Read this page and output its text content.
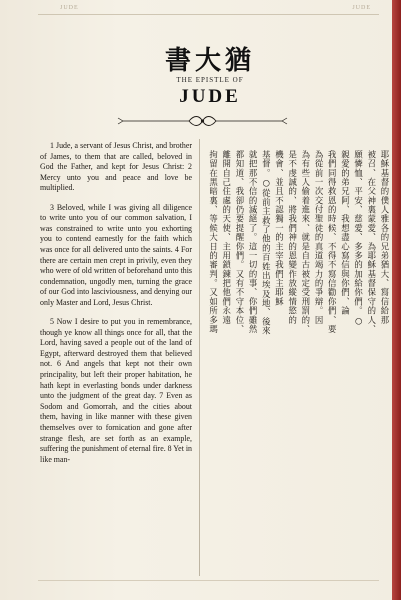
JUDE	JUDE
書大猶
THE EPISTLE OF
JUDE

1 Jude, a servant of Jesus Christ, and brother of James, to them that are called, beloved in God the Father, and kept for Jesus Christ: 2 Mercy unto you and peace and love be multiplied.

3 Beloved, while I was giving all diligence to write unto you of our common salvation, I was constrained to write unto you exhorting you to contend earnestly for the faith which was once for all delivered unto the saints. 4 For there are certain men crept in privily, even they who were of old written of beforehand unto this condemnation, ungodly men, turning the grace of our God into lasciviousness, and denying our only Master and Lord, Jesus Christ.

5 Now I desire to put you in remembrance, though ye know all things once for all, that the Lord, having saved a people out of the land of Egypt, afterward destroyed them that believed not. 6 And angels that kept not their own principality, but left their proper habitation, he hath kept in everlasting bonds under darkness unto the judgment of the great day. 7 Even as Sodom and Gomorrah, and the cities about them, having in like manner with these given themselves over to fornication and gone after strange flesh, are set forth as an example, suffering the punishment of eternal fire. 8 Yet in like man-

耶穌基督的僕人雅各的兄弟猶大、寫信給那
被召、在父神裏蒙愛、為耶穌基督保守的人、
願憐恤、平安、慈愛、多多的加給你們。○
親愛的弟兄阿、我想盡心寫信與你們、論
我們同得救恩的時候、不得不寫信勸你們、要
為從前一次交付聖徒的真道竭力的爭辯。因
為有些人偷着進來、就是自古被定受刑罰的、
是不虔誠的、將我們神的恩變作放縱情慾的
機會、並且不認獨一的主宰我們主耶穌
基督。○從前主救了他的百姓出埃及地、後來
就把那不信的滅絕了。這一切的事、你們雖然
都知道、我卻仍要提醒你們。又有不守本位、
離開自己住處的天使、主用鎖鍊把他們永遠
拘留在黑暗裏、等候大日的審判。又如所多瑪
